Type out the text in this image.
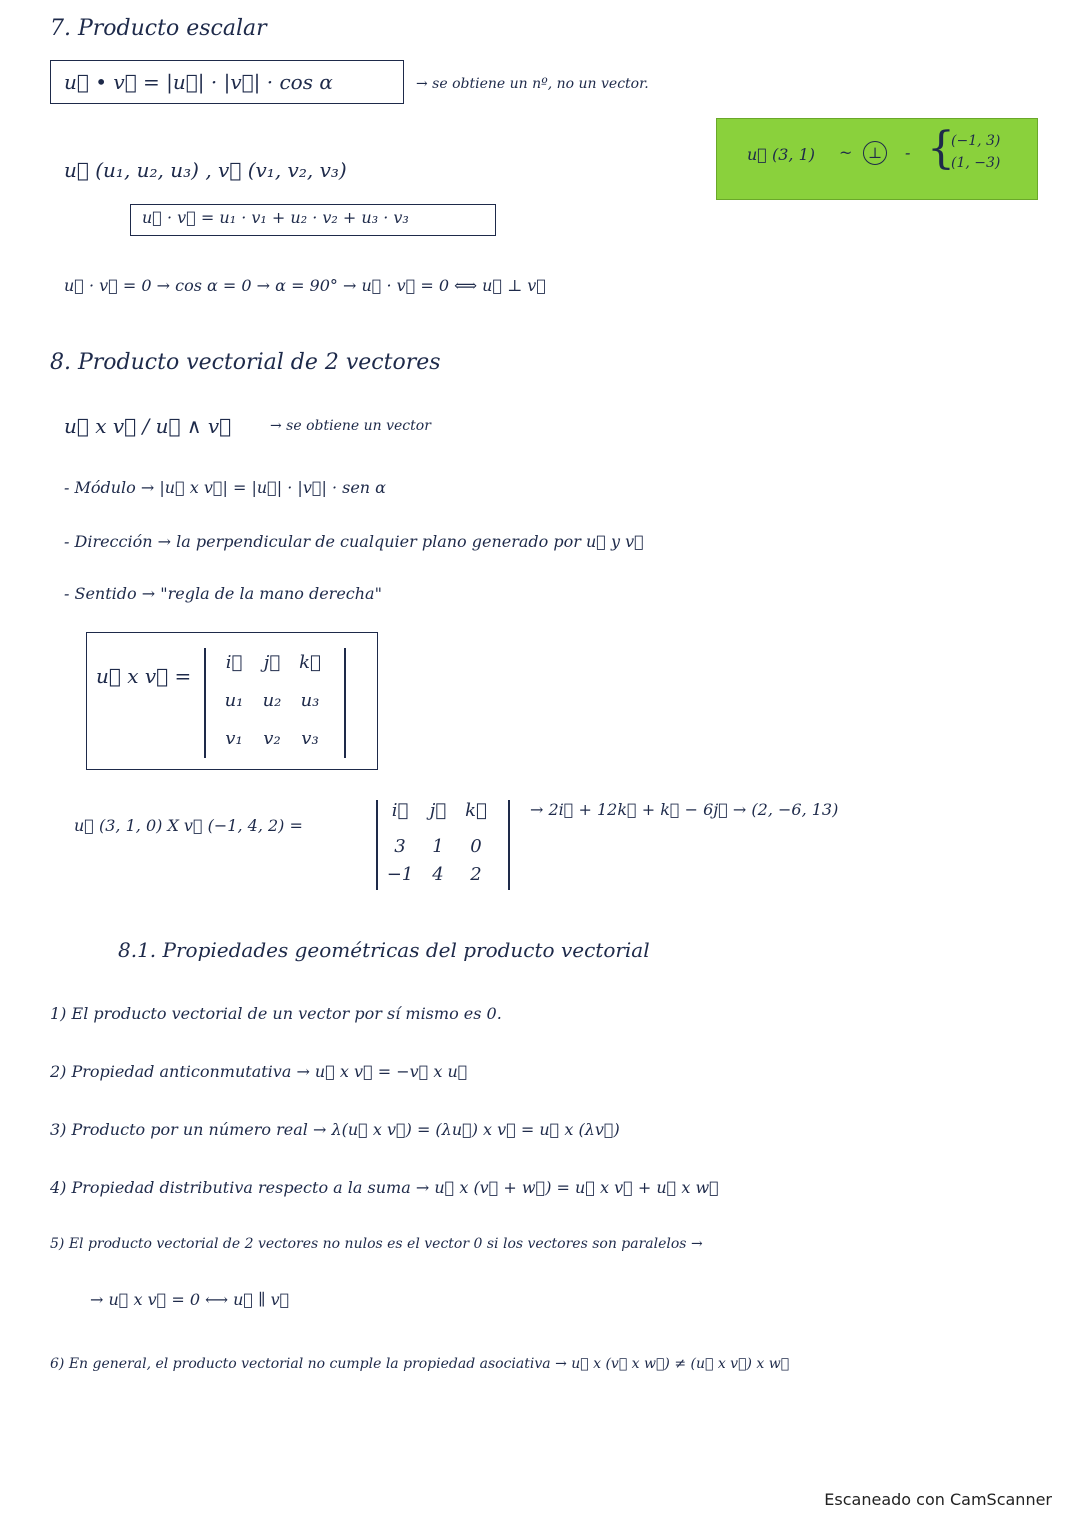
7. Producto escalar
u⃗ • v⃗ = |u⃗| · |v⃗| · cos α	→ se obtiene un nº, no un vector.
u⃗ (3, 1) ~	⊥	- {
(−1, 3)
(1, −3)
u⃗ (u₁, u₂, u₃) , v⃗ (v₁, v₂, v₃)
u⃗ · v⃗ = u₁ · v₁ + u₂ · v₂ + u₃ · v₃
u⃗ · v⃗ = 0 → cos α = 0 → α = 90° → u⃗ · v⃗ = 0 ⟺ u⃗ ⊥ v⃗
8. Producto vectorial de 2 vectores
u⃗ x v⃗ / u⃗ ∧ v⃗	→ se obtiene un vector
- Módulo → |u⃗ x v⃗| = |u⃗| · |v⃗| · sen α
- Dirección → la perpendicular de cualquier plano generado por u⃗ y v⃗
- Sentido → "regla de la mano derecha"
u⃗ x v⃗ =
i⃗	j⃗	k⃗
u₁	u₂	u₃
v₁	v₂	v₃
u⃗ (3, 1, 0) X v⃗ (−1, 4, 2) =
i⃗	j⃗	k⃗
3	1	0
−1	4	2
→ 2i⃗ + 12k⃗ + k⃗ − 6j⃗ → (2, −6, 13)
8.1. Propiedades geométricas del producto vectorial
1) El producto vectorial de un vector por sí mismo es 0.
2) Propiedad anticonmutativa → u⃗ x v⃗ = −v⃗ x u⃗
3) Producto por un número real → λ(u⃗ x v⃗) = (λu⃗) x v⃗ = u⃗ x (λv⃗)
4) Propiedad distributiva respecto a la suma → u⃗ x (v⃗ + w⃗) = u⃗ x v⃗ + u⃗ x w⃗
5) El producto vectorial de 2 vectores no nulos es el vector 0 si los vectores son paralelos →
→ u⃗ x v⃗ = 0 ⟷ u⃗ ∥ v⃗
6) En general, el producto vectorial no cumple la propiedad asociativa → u⃗ x (v⃗ x w⃗) ≠ (u⃗ x v⃗) x w⃗
Escaneado con CamScanner
